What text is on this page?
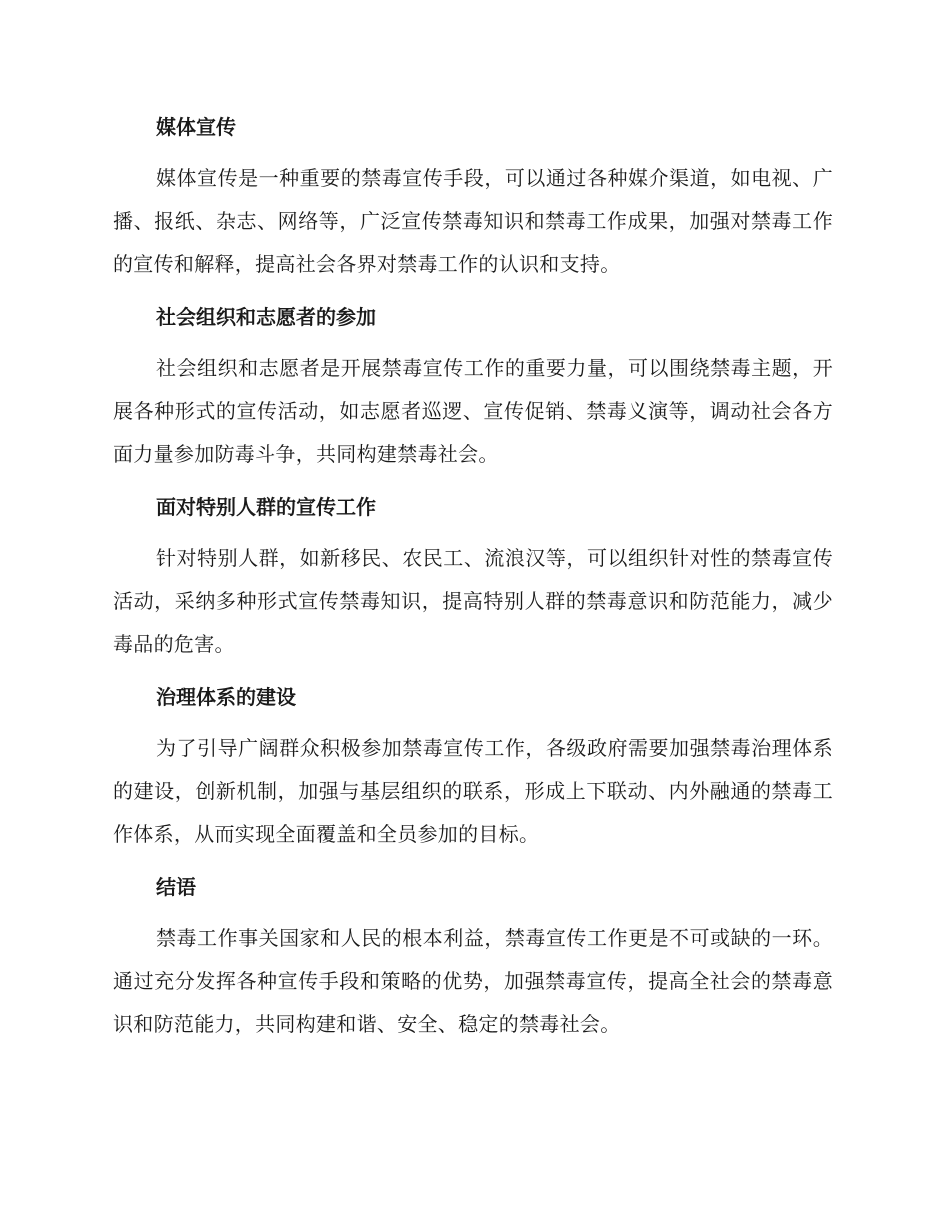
媒体宣传

媒体宣传是一种重要的禁毒宣传手段，可以通过各种媒介渠道，如电视、广播、报纸、杂志、网络等，广泛宣传禁毒知识和禁毒工作成果，加强对禁毒工作的宣传和解释，提高社会各界对禁毒工作的认识和支持。

社会组织和志愿者的参加

社会组织和志愿者是开展禁毒宣传工作的重要力量，可以围绕禁毒主题，开展各种形式的宣传活动，如志愿者巡逻、宣传促销、禁毒义演等，调动社会各方面力量参加防毒斗争，共同构建禁毒社会。

面对特别人群的宣传工作

针对特别人群，如新移民、农民工、流浪汉等，可以组织针对性的禁毒宣传活动，采纳多种形式宣传禁毒知识，提高特别人群的禁毒意识和防范能力，减少毒品的危害。

治理体系的建设

为了引导广阔群众积极参加禁毒宣传工作，各级政府需要加强禁毒治理体系的建设，创新机制，加强与基层组织的联系，形成上下联动、内外融通的禁毒工作体系，从而实现全面覆盖和全员参加的目标。

结语

禁毒工作事关国家和人民的根本利益，禁毒宣传工作更是不可或缺的一环。通过充分发挥各种宣传手段和策略的优势，加强禁毒宣传，提高全社会的禁毒意识和防范能力，共同构建和谐、安全、稳定的禁毒社会。
